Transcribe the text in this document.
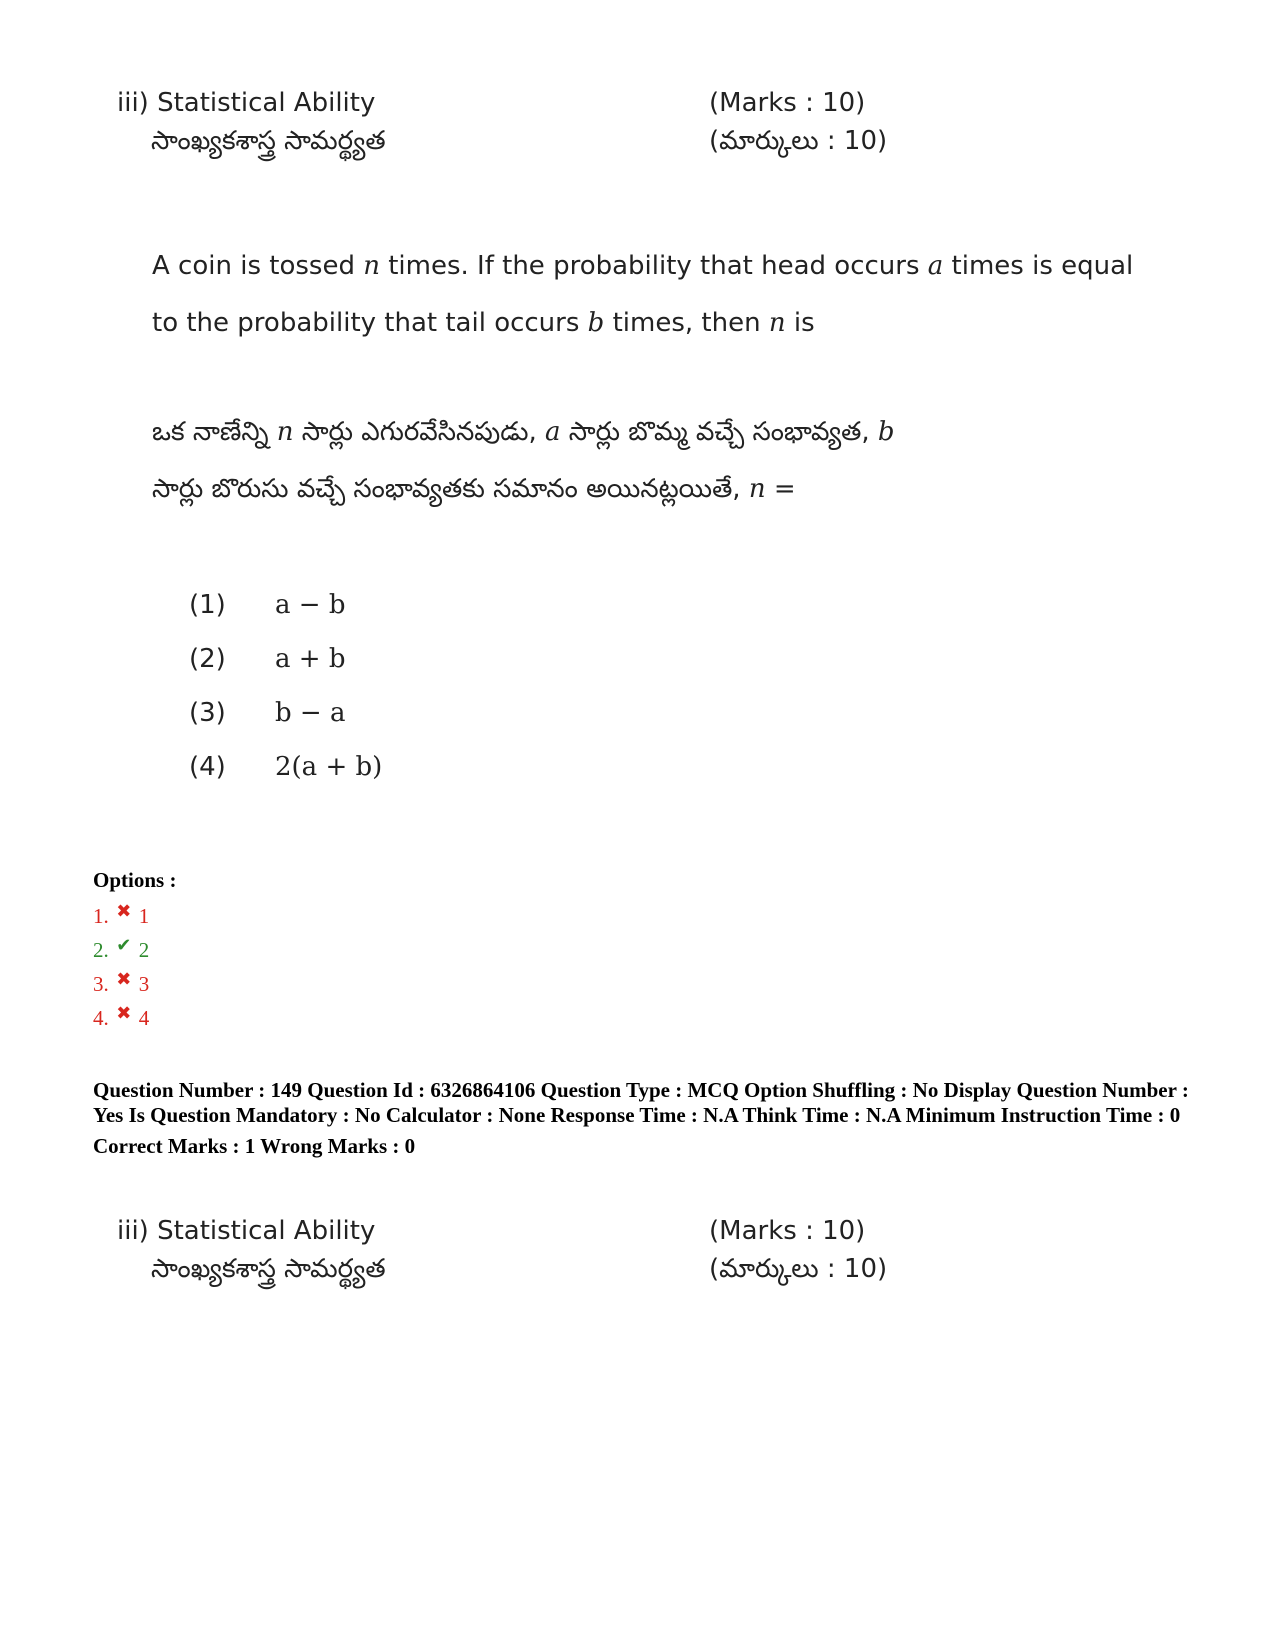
iii) Statistical Ability	(Marks : 10)
సాంఖ్యకశాస్త్ర సామర్థ్యత	(మార్కులు : 10)
A coin is tossed n times. If the probability that head occurs a times is equal
to the probability that tail occurs b times, then n is
ఒక నాణేన్ని n సార్లు ఎగురవేసినపుడు, a సార్లు బొమ్మ వచ్చే సంభావ్యత, b
సార్లు బొరుసు వచ్చే సంభావ్యతకు సమానం అయినట్లయితే, n =
(1) a − b
(2) a + b
(3) b − a
(4) 2(a + b)
Options :
1. ✖ 1
2. ✔ 2
3. ✖ 3
4. ✖ 4
Question Number : 149 Question Id : 6326864106 Question Type : MCQ Option Shuffling : No Display Question Number : Yes Is Question Mandatory : No Calculator : None Response Time : N.A Think Time : N.A Minimum Instruction Time : 0
Correct Marks : 1 Wrong Marks : 0
iii) Statistical Ability	(Marks : 10)
సాంఖ్యకశాస్త్ర సామర్థ్యత	(మార్కులు : 10)
